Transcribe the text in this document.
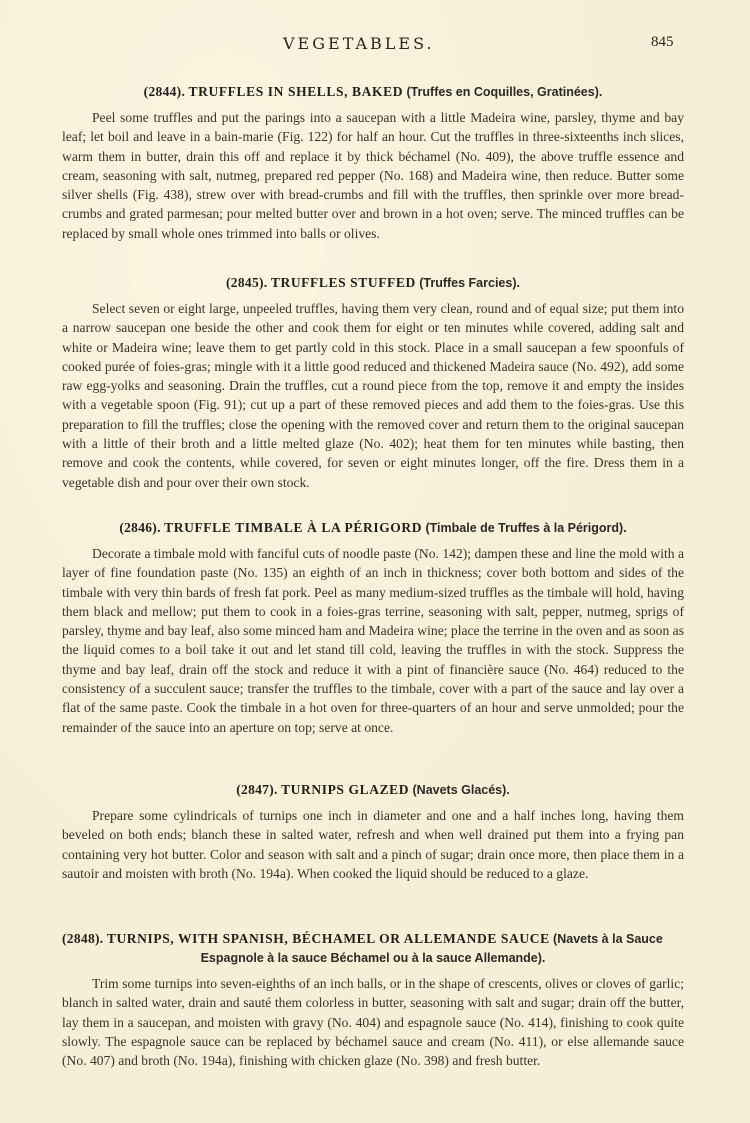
VEGETABLES.	845
(2844). TRUFFLES IN SHELLS, BAKED (Truffes en Coquilles, Gratinées).
Peel some truffles and put the parings into a saucepan with a little Madeira wine, parsley, thyme and bay leaf; let boil and leave in a bain-marie (Fig. 122) for half an hour. Cut the truffles in three-sixteenths inch slices, warm them in butter, drain this off and replace it by thick béchamel (No. 409), the above truffle essence and cream, seasoning with salt, nutmeg, prepared red pepper (No. 168) and Madeira wine, then reduce. Butter some silver shells (Fig. 438), strew over with bread-crumbs and fill with the truffles, then sprinkle over more bread-crumbs and grated parmesan; pour melted butter over and brown in a hot oven; serve. The minced truffles can be replaced by small whole ones trimmed into balls or olives.
(2845). TRUFFLES STUFFED (Truffes Farcies).
Select seven or eight large, unpeeled truffles, having them very clean, round and of equal size; put them into a narrow saucepan one beside the other and cook them for eight or ten minutes while covered, adding salt and white or Madeira wine; leave them to get partly cold in this stock. Place in a small saucepan a few spoonfuls of cooked purée of foies-gras; mingle with it a little good reduced and thickened Madeira sauce (No. 492), add some raw egg-yolks and seasoning. Drain the truffles, cut a round piece from the top, remove it and empty the insides with a vegetable spoon (Fig. 91); cut up a part of these removed pieces and add them to the foies-gras. Use this preparation to fill the truffles; close the opening with the removed cover and return them to the original saucepan with a little of their broth and a little melted glaze (No. 402); heat them for ten minutes while basting, then remove and cook the contents, while covered, for seven or eight minutes longer, off the fire. Dress them in a vegetable dish and pour over their own stock.
(2846). TRUFFLE TIMBALE À LA PÉRIGORD (Timbale de Truffes à la Périgord).
Decorate a timbale mold with fanciful cuts of noodle paste (No. 142); dampen these and line the mold with a layer of fine foundation paste (No. 135) an eighth of an inch in thickness; cover both bottom and sides of the timbale with very thin bards of fresh fat pork. Peel as many medium-sized truffles as the timbale will hold, having them black and mellow; put them to cook in a foies-gras terrine, seasoning with salt, pepper, nutmeg, sprigs of parsley, thyme and bay leaf, also some minced ham and Madeira wine; place the terrine in the oven and as soon as the liquid comes to a boil take it out and let stand till cold, leaving the truffles in with the stock. Suppress the thyme and bay leaf, drain off the stock and reduce it with a pint of financière sauce (No. 464) reduced to the consistency of a succulent sauce; transfer the truffles to the timbale, cover with a part of the sauce and lay over a flat of the same paste. Cook the timbale in a hot oven for three-quarters of an hour and serve unmolded; pour the remainder of the sauce into an aperture on top; serve at once.
(2847). TURNIPS GLAZED (Navets Glacés).
Prepare some cylindricals of turnips one inch in diameter and one and a half inches long, having them beveled on both ends; blanch these in salted water, refresh and when well drained put them into a frying pan containing very hot butter. Color and season with salt and a pinch of sugar; drain once more, then place them in a sautoir and moisten with broth (No. 194a). When cooked the liquid should be reduced to a glaze.
(2848). TURNIPS, WITH SPANISH, BÉCHAMEL OR ALLEMANDE SAUCE (Navets à la Sauce
Espagnole à la sauce Béchamel ou à la sauce Allemande).
Trim some turnips into seven-eighths of an inch balls, or in the shape of crescents, olives or cloves of garlic; blanch in salted water, drain and sauté them colorless in butter, seasoning with salt and sugar; drain off the butter, lay them in a saucepan, and moisten with gravy (No. 404) and espagnole sauce (No. 414), finishing to cook quite slowly. The espagnole sauce can be replaced by béchamel sauce and cream (No. 411), or else allemande sauce (No. 407) and broth (No. 194a), finishing with chicken glaze (No. 398) and fresh butter.
